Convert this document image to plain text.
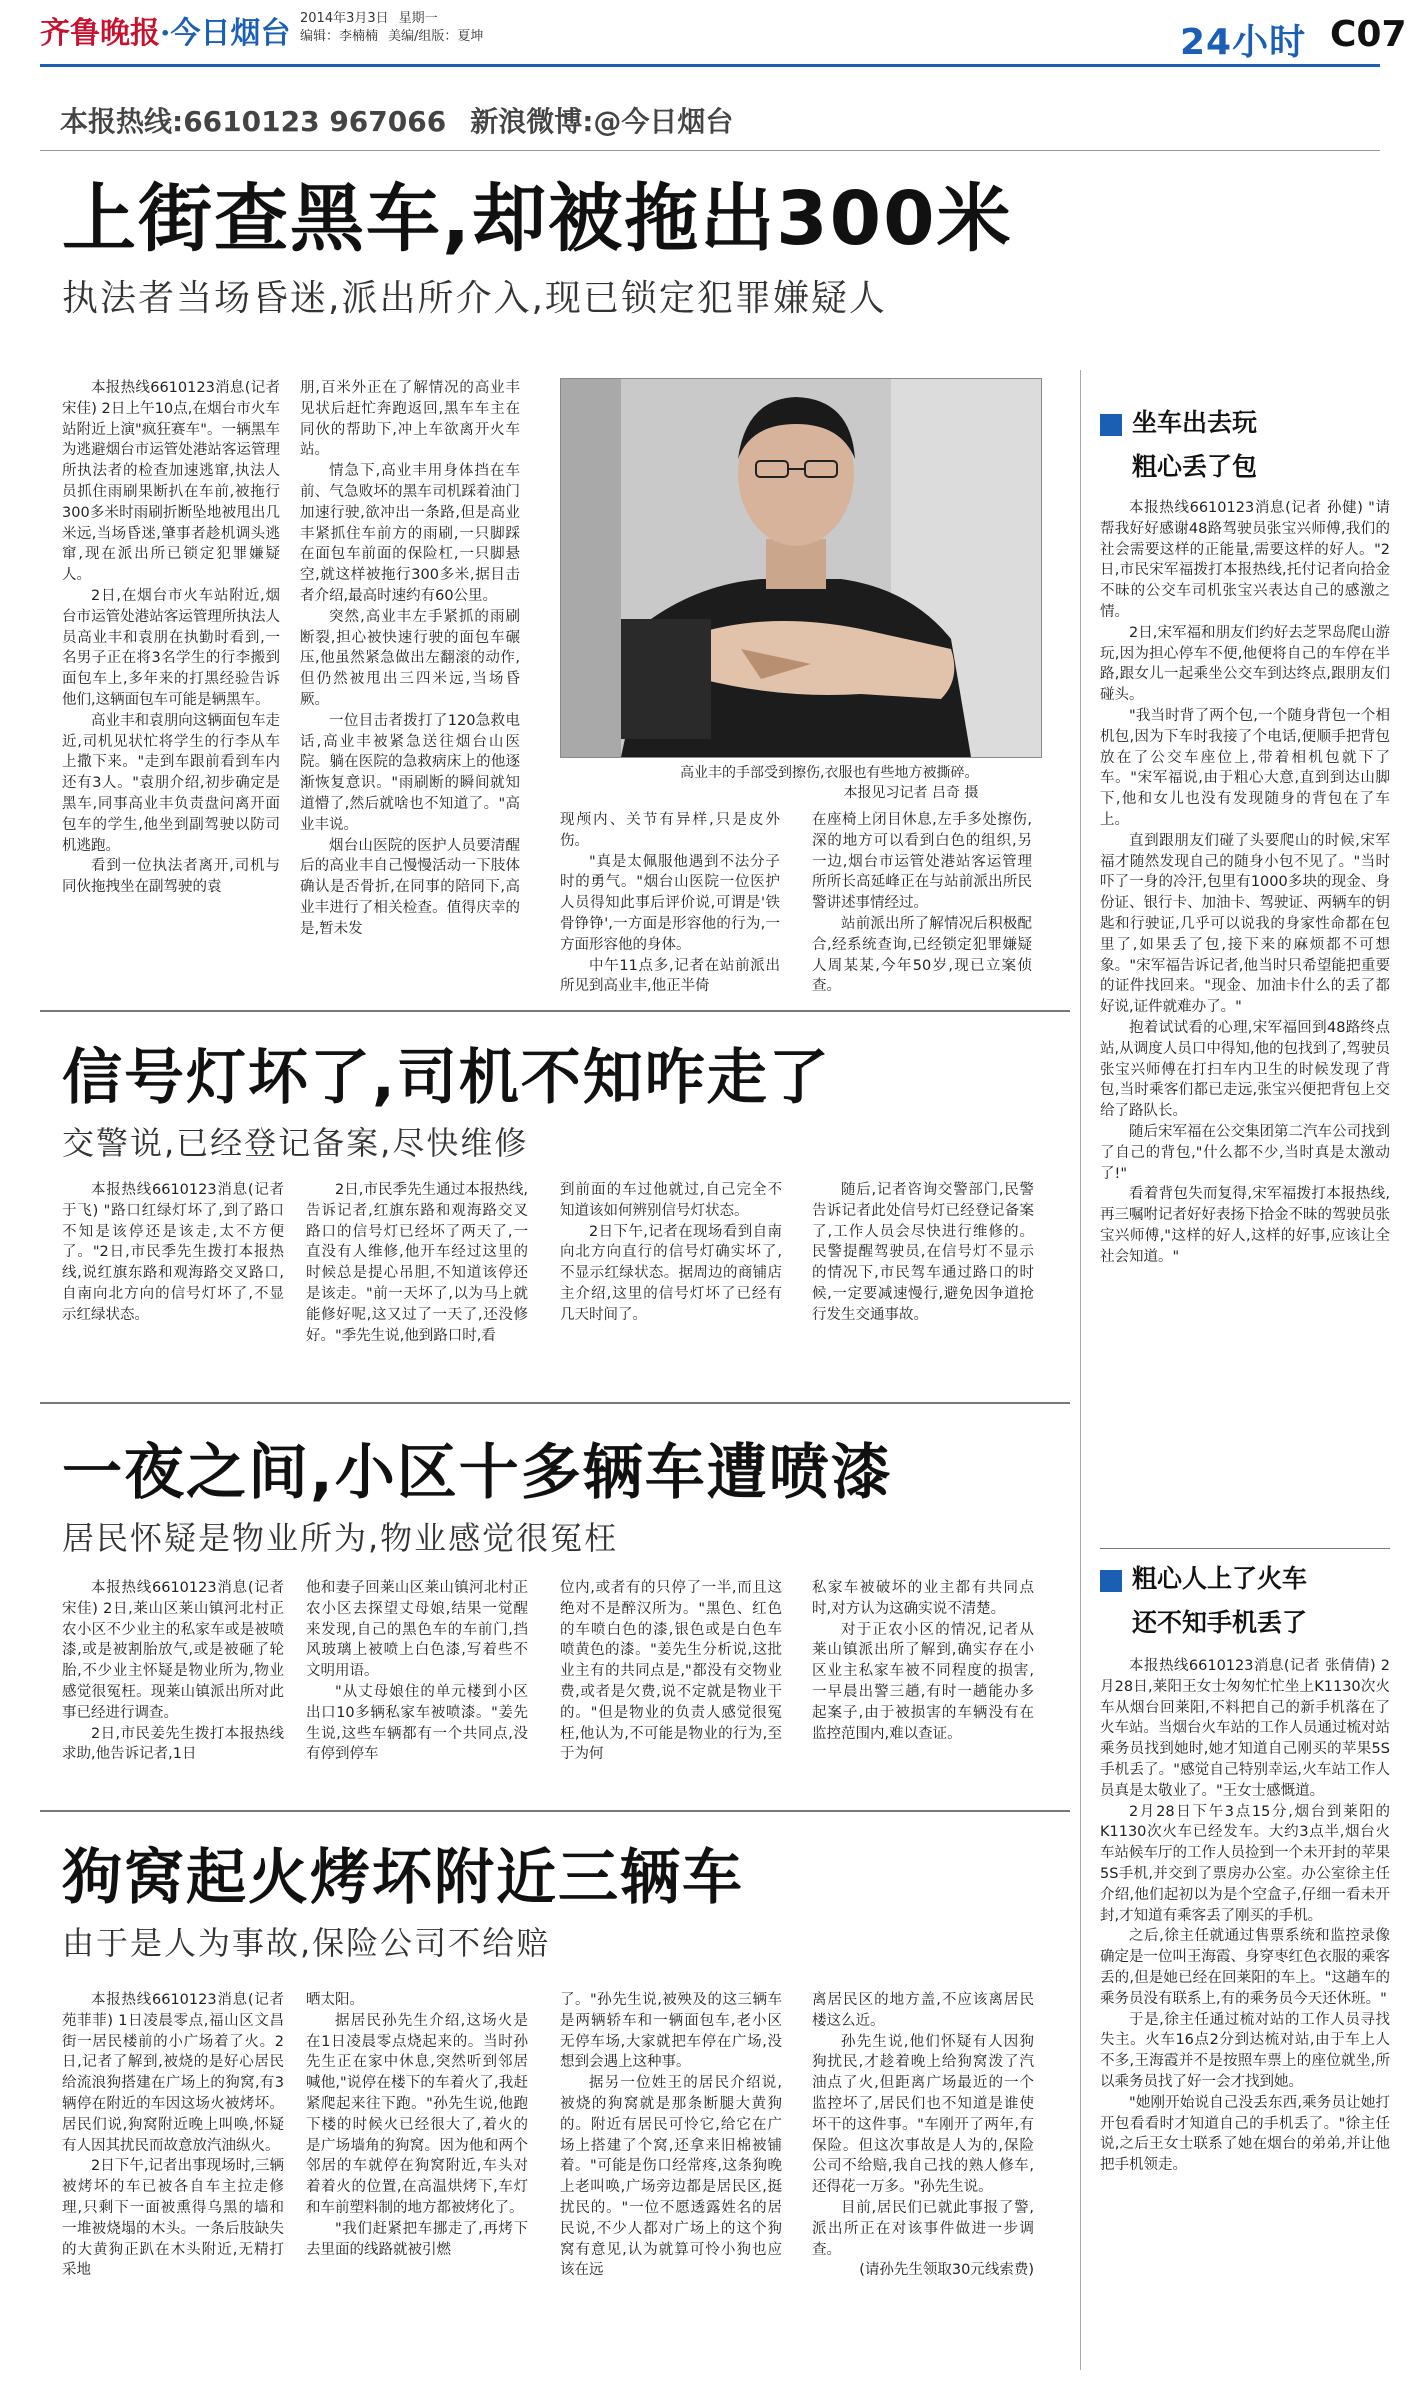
齐鲁晚报·今日烟台 2014年3月3日 星期一
编辑：李楠楠 美编/组版：夏坤	24小时 C07
本报热线:6610123 967066 新浪微博:@今日烟台
上街查黑车,却被拖出300米
执法者当场昏迷,派出所介入,现已锁定犯罪嫌疑人

本报热线6610123消息(记者 宋佳) 2日上午10点,在烟台市火车站附近上演"疯狂赛车"。一辆黑车为逃避烟台市运管处港站客运管理所执法者的检查加速逃窜,执法人员抓住雨刷果断扒在车前,被拖行300多米时雨刷折断坠地被甩出几米远,当场昏迷,肇事者趁机调头逃窜,现在派出所已锁定犯罪嫌疑人。

2日,在烟台市火车站附近,烟台市运管处港站客运管理所执法人员高业丰和袁朋在执勤时看到,一名男子正在将3名学生的行李搬到面包车上,多年来的打黑经验告诉他们,这辆面包车可能是辆黑车。

高业丰和袁朋向这辆面包车走近,司机见状忙将学生的行李从车上撒下来。"走到车跟前看到车内还有3人。"袁朋介绍,初步确定是黑车,同事高业丰负责盘问离开面包车的学生,他坐到副驾驶以防司机逃跑。

看到一位执法者离开,司机与同伙拖拽坐在副驾驶的袁

朋,百米外正在了解情况的高业丰见状后赶忙奔跑返回,黑车车主在同伙的帮助下,冲上车欲离开火车站。

情急下,高业丰用身体挡在车前、气急败坏的黑车司机踩着油门加速行驶,欲冲出一条路,但是高业丰紧抓住车前方的雨刷,一只脚踩在面包车前面的保险杠,一只脚悬空,就这样被拖行300多米,据目击者介绍,最高时速约有60公里。

突然,高业丰左手紧抓的雨刷断裂,担心被快速行驶的面包车碾压,他虽然紧急做出左翻滚的动作,但仍然被甩出三四米远,当场昏厥。

一位目击者拨打了120急救电话,高业丰被紧急送往烟台山医院。躺在医院的急救病床上的他逐渐恢复意识。"雨刷断的瞬间就知道懵了,然后就啥也不知道了。"高业丰说。

烟台山医院的医护人员要清醒后的高业丰自己慢慢活动一下肢体确认是否骨折,在同事的陪同下,高业丰进行了相关检查。值得庆幸的是,暂未发

高业丰的手部受到擦伤,衣服也有些地方被撕碎。
本报见习记者 吕奇 摄

现颅内、关节有异样,只是皮外伤。

"真是太佩服他遇到不法分子时的勇气。"烟台山医院一位医护人员得知此事后评价说,可谓是'铁骨铮铮',一方面是形容他的行为,一方面形容他的身体。

中午11点多,记者在站前派出所见到高业丰,他正半倚

在座椅上闭目休息,左手多处擦伤,深的地方可以看到白色的组织,另一边,烟台市运管处港站客运管理所所长高延峰正在与站前派出所民警讲述事情经过。

站前派出所了解情况后积极配合,经系统查询,已经锁定犯罪嫌疑人周某某,今年50岁,现已立案侦查。

信号灯坏了,司机不知咋走了
交警说,已经登记备案,尽快维修

本报热线6610123消息(记者 于飞) "路口红绿灯坏了,到了路口不知是该停还是该走,太不方便了。"2日,市民季先生拨打本报热线,说红旗东路和观海路交叉路口,自南向北方向的信号灯坏了,不显示红绿状态。

2日,市民季先生通过本报热线,告诉记者,红旗东路和观海路交叉路口的信号灯已经坏了两天了,一直没有人维修,他开车经过这里的时候总是提心吊胆,不知道该停还是该走。"前一天坏了,以为马上就能修好呢,这又过了一天了,还没修好。"季先生说,他到路口时,看

到前面的车过他就过,自己完全不知道该如何辨别信号灯状态。

2日下午,记者在现场看到自南向北方向直行的信号灯确实坏了,不显示红绿状态。据周边的商铺店主介绍,这里的信号灯坏了已经有几天时间了。

随后,记者咨询交警部门,民警告诉记者此处信号灯已经登记备案了,工作人员会尽快进行维修的。民警提醒驾驶员,在信号灯不显示的情况下,市民驾车通过路口的时候,一定要减速慢行,避免因争道抢行发生交通事故。

一夜之间,小区十多辆车遭喷漆
居民怀疑是物业所为,物业感觉很冤枉

本报热线6610123消息(记者 宋佳) 2日,莱山区莱山镇河北村正农小区不少业主的私家车或是被喷漆,或是被割胎放气,或是被砸了轮胎,不少业主怀疑是物业所为,物业感觉很冤枉。现莱山镇派出所对此事已经进行调查。

2日,市民姜先生拨打本报热线求助,他告诉记者,1日

他和妻子回莱山区莱山镇河北村正农小区去探望丈母娘,结果一觉醒来发现,自己的黑色车的车前门,挡风玻璃上被喷上白色漆,写着些不文明用语。

"从丈母娘住的单元楼到小区出口10多辆私家车被喷漆。"姜先生说,这些车辆都有一个共同点,没有停到停车

位内,或者有的只停了一半,而且这绝对不是醉汉所为。"黑色、红色的车喷白色的漆,银色或是白色车喷黄色的漆。"姜先生分析说,这批业主有的共同点是,"都没有交物业费,或者是欠费,说不定就是物业干的。"但是物业的负责人感觉很冤枉,他认为,不可能是物业的行为,至于为何

私家车被破坏的业主都有共同点时,对方认为这确实说不清楚。

对于正农小区的情况,记者从莱山镇派出所了解到,确实存在小区业主私家车被不同程度的损害,一早晨出警三趟,有时一趟能办多起案子,由于被损害的车辆没有在监控范围内,难以查证。

狗窝起火烤坏附近三辆车
由于是人为事故,保险公司不给赔

本报热线6610123消息(记者 苑菲菲) 1日凌晨零点,福山区文昌街一居民楼前的小广场着了火。2日,记者了解到,被烧的是好心居民给流浪狗搭建在广场上的狗窝,有3辆停在附近的车因这场火被烤坏。居民们说,狗窝附近晚上叫唤,怀疑有人因其扰民而故意放汽油纵火。

2日下午,记者出事现场时,三辆被烤坏的车已被各自车主拉走修理,只剩下一面被熏得乌黑的墙和一堆被烧塌的木头。一条后肢缺失的大黄狗正趴在木头附近,无精打采地

晒太阳。

据居民孙先生介绍,这场火是在1日凌晨零点烧起来的。当时孙先生正在家中休息,突然听到邻居喊他,"说停在楼下的车着火了,我赶紧爬起来往下跑。"孙先生说,他跑下楼的时候火已经很大了,着火的是广场墙角的狗窝。因为他和两个邻居的车就停在狗窝附近,车头对着着火的位置,在高温烘烤下,车灯和车前塑料制的地方都被烤化了。

"我们赶紧把车挪走了,再烤下去里面的线路就被引燃

了。"孙先生说,被殃及的这三辆车是两辆轿车和一辆面包车,老小区无停车场,大家就把车停在广场,没想到会遇上这种事。

据另一位姓王的居民介绍说,被烧的狗窝就是那条断腿大黄狗的。附近有居民可怜它,给它在广场上搭建了个窝,还拿来旧棉被铺着。"可能是伤口经常疼,这条狗晚上老叫唤,广场旁边都是居民区,挺扰民的。"一位不愿透露姓名的居民说,不少人都对广场上的这个狗窝有意见,认为就算可怜小狗也应该在远

离居民区的地方盖,不应该离居民楼这么近。

孙先生说,他们怀疑有人因狗狗扰民,才趁着晚上给狗窝泼了汽油点了火,但距离广场最近的一个监控坏了,居民们也不知道是谁使坏干的这件事。"车刚开了两年,有保险。但这次事故是人为的,保险公司不给赔,我自己找的熟人修车,还得花一万多。"孙先生说。

目前,居民们已就此事报了警,派出所正在对该事件做进一步调查。

(请孙先生领取30元线索费)

坐车出去玩
粗心丢了包

本报热线6610123消息(记者 孙健) "请帮我好好感谢48路驾驶员张宝兴师傅,我们的社会需要这样的正能量,需要这样的好人。"2日,市民宋军福拨打本报热线,托付记者向拾金不昧的公交车司机张宝兴表达自己的感激之情。

2日,宋军福和朋友们约好去芝罘岛爬山游玩,因为担心停车不便,他便将自己的车停在半路,跟女儿一起乘坐公交车到达终点,跟朋友们碰头。

"我当时背了两个包,一个随身背包一个相机包,因为下车时我接了个电话,便顺手把背包放在了公交车座位上,带着相机包就下了车。"宋军福说,由于粗心大意,直到到达山脚下,他和女儿也没有发现随身的背包在了车上。

直到跟朋友们碰了头要爬山的时候,宋军福才随然发现自己的随身小包不见了。"当时吓了一身的冷汗,包里有1000多块的现金、身份证、银行卡、加油卡、驾驶证、两辆车的钥匙和行驶证,几乎可以说我的身家性命都在包里了,如果丢了包,接下来的麻烦都不可想象。"宋军福告诉记者,他当时只希望能把重要的证件找回来。"现金、加油卡什么的丢了都好说,证件就难办了。"

抱着试试看的心理,宋军福回到48路终点站,从调度人员口中得知,他的包找到了,驾驶员张宝兴师傅在打扫车内卫生的时候发现了背包,当时乘客们都已走远,张宝兴便把背包上交给了路队长。

随后宋军福在公交集团第二汽车公司找到了自己的背包,"什么都不少,当时真是太激动了!"

看着背包失而复得,宋军福拨打本报热线,再三嘱咐记者好好表扬下拾金不昧的驾驶员张宝兴师傅,"这样的好人,这样的好事,应该让全社会知道。"

粗心人上了火车
还不知手机丢了

本报热线6610123消息(记者 张倩倩) 2月28日,莱阳王女士匆匆忙忙坐上K1130次火车从烟台回莱阳,不料把自己的新手机落在了火车站。当烟台火车站的工作人员通过梳对站乘务员找到她时,她才知道自己刚买的苹果5S手机丢了。"感觉自己特别幸运,火车站工作人员真是太敬业了。"王女士感慨道。

2月28日下午3点15分,烟台到莱阳的K1130次火车已经发车。大约3点半,烟台火车站候车厅的工作人员捡到一个未开封的苹果5S手机,并交到了票房办公室。办公室徐主任介绍,他们起初以为是个空盒子,仔细一看未开封,才知道有乘客丢了刚买的手机。

之后,徐主任就通过售票系统和监控录像确定是一位叫王海霞、身穿枣红色衣服的乘客丢的,但是她已经在回莱阳的车上。"这趟车的乘务员没有联系上,有的乘务员今天还休班。"

于是,徐主任通过梳对站的工作人员寻找失主。火车16点2分到达梳对站,由于车上人不多,王海霞并不是按照车票上的座位就坐,所以乘务员找了好一会才找到她。

"她刚开始说自己没丢东西,乘务员让她打开包看看时才知道自己的手机丢了。"徐主任说,之后王女士联系了她在烟台的弟弟,并让他把手机领走。
